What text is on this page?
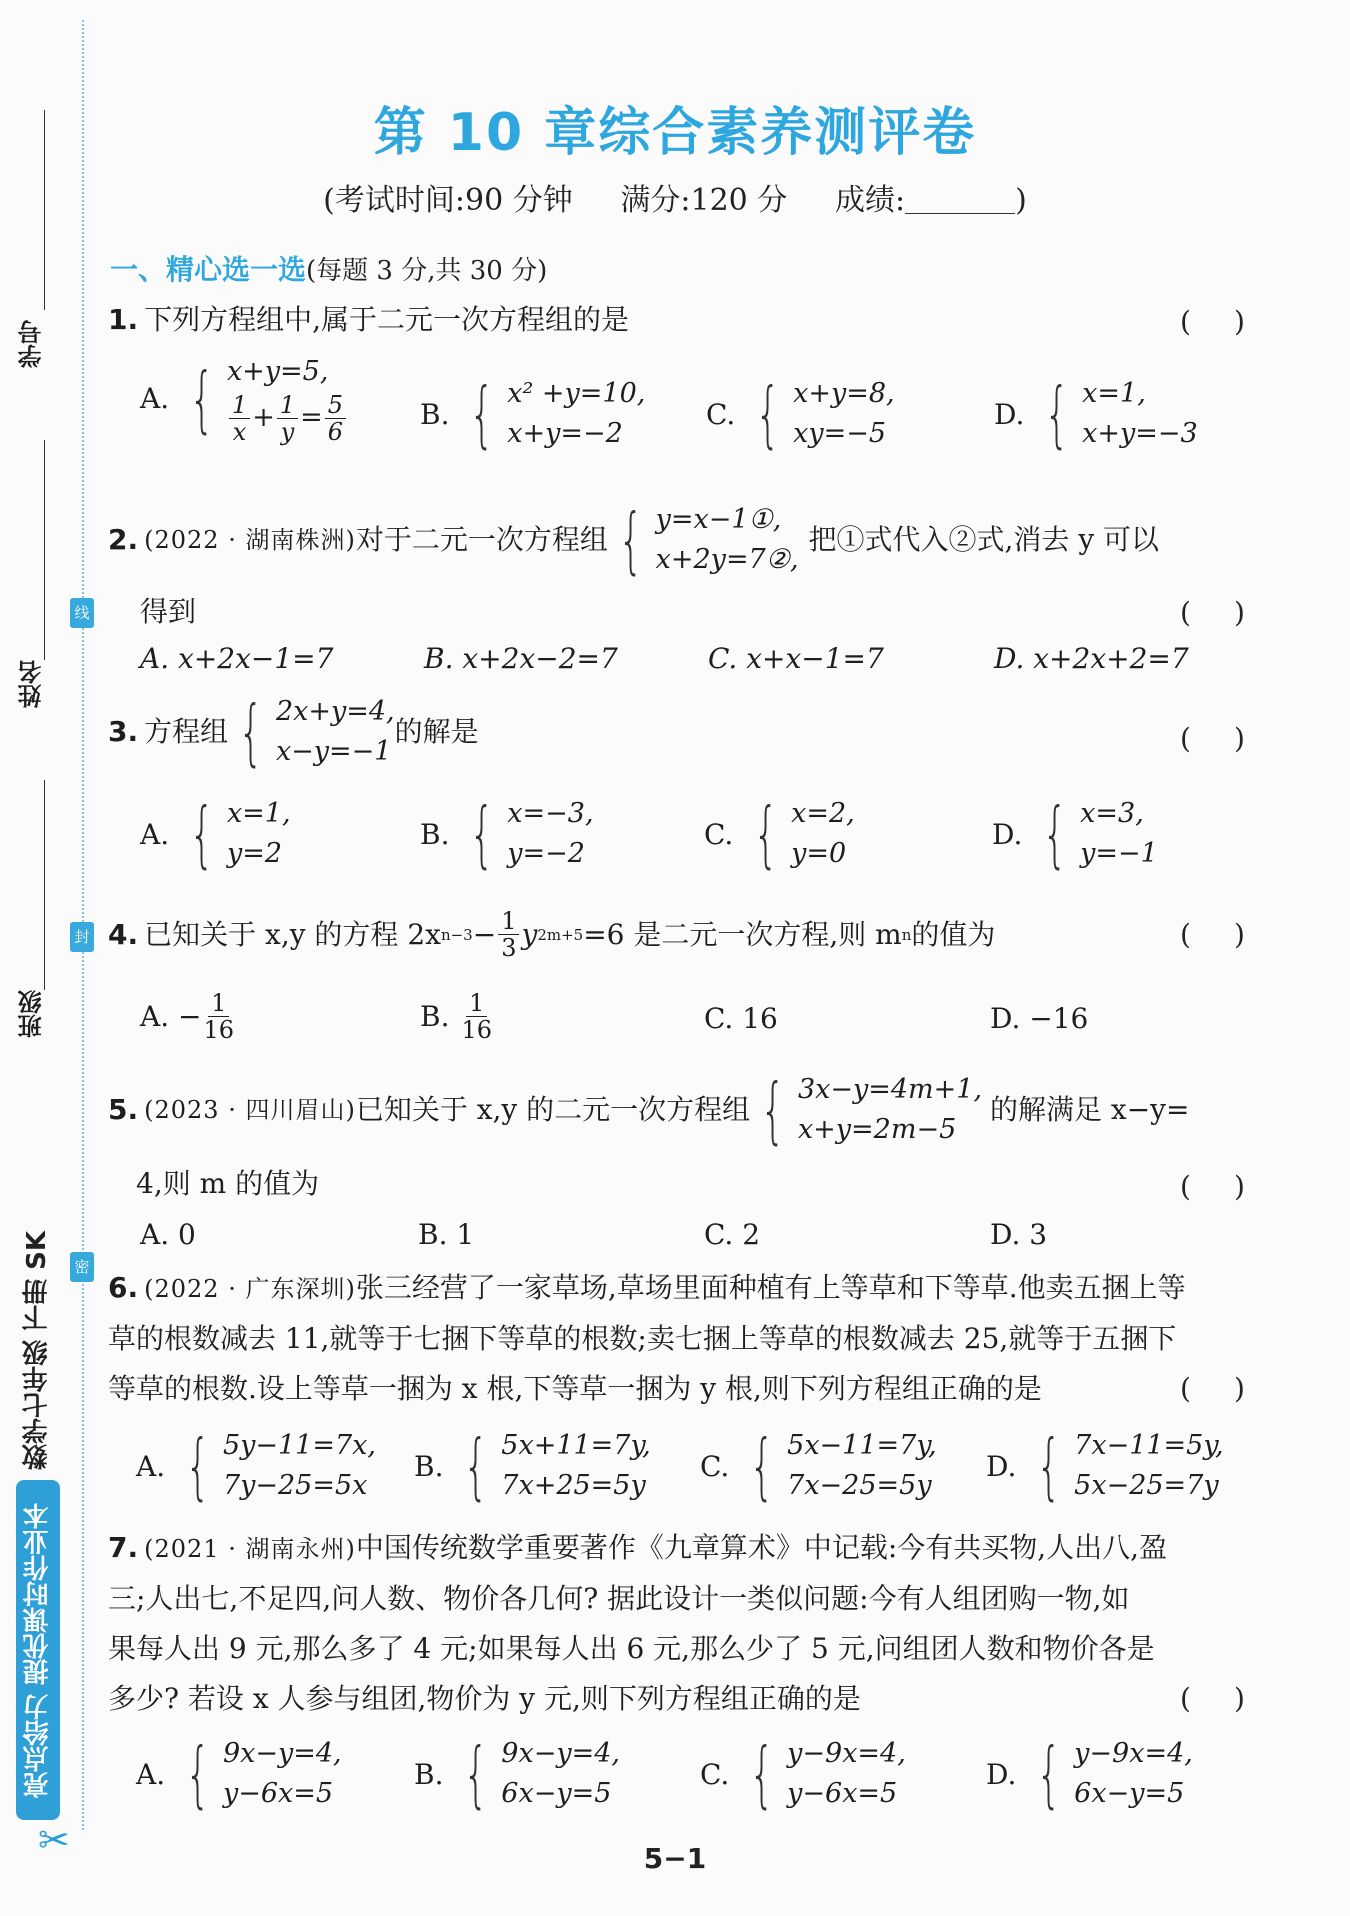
线
封
密
学号
姓名
班级
数学七年级 下册 SK
亮点给力 提优课时作业本
✂
第 10 章综合素养测评卷
(考试时间:90 分钟 满分:120 分 成绩:	)
一、精心选一选(每题 3 分,共 30 分)
1. 下列方程组中,属于二元一次方程组的是	( )
A. { x+y=5,
$\frac{1}{x} + \frac{1}{y} = \frac{5}{6}$	B. { x² +y=10,
x+y=−2
C. { x+y=8,
xy=−5
D. { x=1,
x+y=−3
2. (2022 · 湖南株洲) 对于二元一次方程组 { y=x−1①,
x+2y=7②,
把①式代入②式,消去 y 可以
得到	( )
A. x+2x−1=7	B. x+2x−2=7	C. x+x−1=7	D. x+2x+2=7
3. 方程组 { 2x+y=4,
x−y=−1
的解是	( )
A. { x=1,
y=2
B. { x=−3,
y=−2
C. { x=2,
y=0
D. { x=3,
y=−1
4. 已知关于 x,y 的方程 2x $n-3 - \frac{1}{3}$ y 2m+5 =6 是二元一次方程,则 m n 的值为	( )
A. − $\frac{1}{16}$	B. $\frac{1}{16}$	C. 16	D. −16
5. (2023 · 四川眉山) 已知关于 x,y 的二元一次方程组 { 3x−y=4m+1,
x+y=2m−5
的解满足 x−y=
4,则 m 的值为	( )
A. 0	B. 1	C. 2	D. 3
6. (2022 · 广东深圳)张三经营了一家草场,草场里面种植有上等草和下等草.他卖五捆上等
草的根数减去 11,就等于七捆下等草的根数;卖七捆上等草的根数减去 25,就等于五捆下
等草的根数.设上等草一捆为 x 根,下等草一捆为 y 根,则下列方程组正确的是	( )
A. { 5y−11=7x,
7y−25=5x
B. { 5x+11=7y,
7x+25=5y
C. { 5x−11=7y,
7x−25=5y
D. { 7x−11=5y,
5x−25=7y
7. (2021 · 湖南永州)中国传统数学重要著作《九章算术》中记载:今有共买物,人出八,盈
三;人出七,不足四,问人数、物价各几何? 据此设计一类似问题:今有人组团购一物,如
果每人出 9 元,那么多了 4 元;如果每人出 6 元,那么少了 5 元,问组团人数和物价各是
多少? 若设 x 人参与组团,物价为 y 元,则下列方程组正确的是	( )
A. { 9x−y=4,
y−6x=5
B. { 9x−y=4,
6x−y=5
C. { y−9x=4,
y−6x=5
D. { y−9x=4,
6x−y=5
5−1
